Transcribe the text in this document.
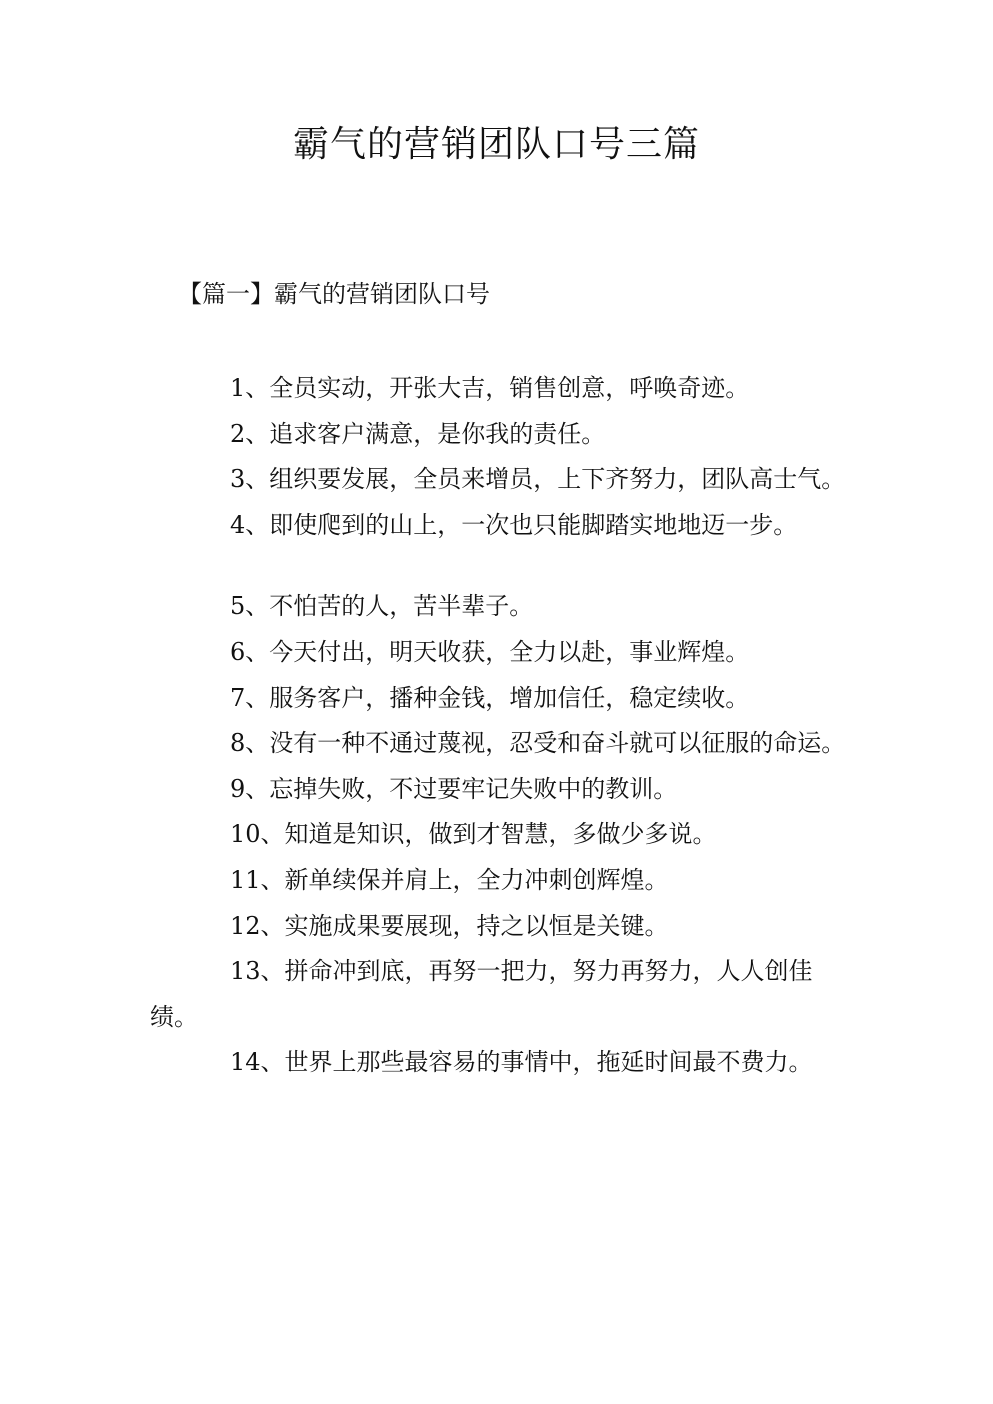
霸气的营销团队口号三篇

【篇一】霸气的营销团队口号

1、全员实动，开张大吉，销售创意，呼唤奇迹。
2、追求客户满意，是你我的责任。
3、组织要发展，全员来增员，上下齐努力，团队高士气。
4、即使爬到的山上，一次也只能脚踏实地地迈一步。
5、不怕苦的人，苦半辈子。
6、今天付出，明天收获，全力以赴，事业辉煌。
7、服务客户，播种金钱，增加信任，稳定续收。
8、没有一种不通过蔑视，忍受和奋斗就可以征服的命运。
9、忘掉失败，不过要牢记失败中的教训。
10、知道是知识，做到才智慧，多做少多说。
11、新单续保并肩上，全力冲刺创辉煌。
12、实施成果要展现，持之以恒是关键。
13、拼命冲到底，再努一把力，努力再努力，人人创佳绩。
14、世界上那些最容易的事情中，拖延时间最不费力。
